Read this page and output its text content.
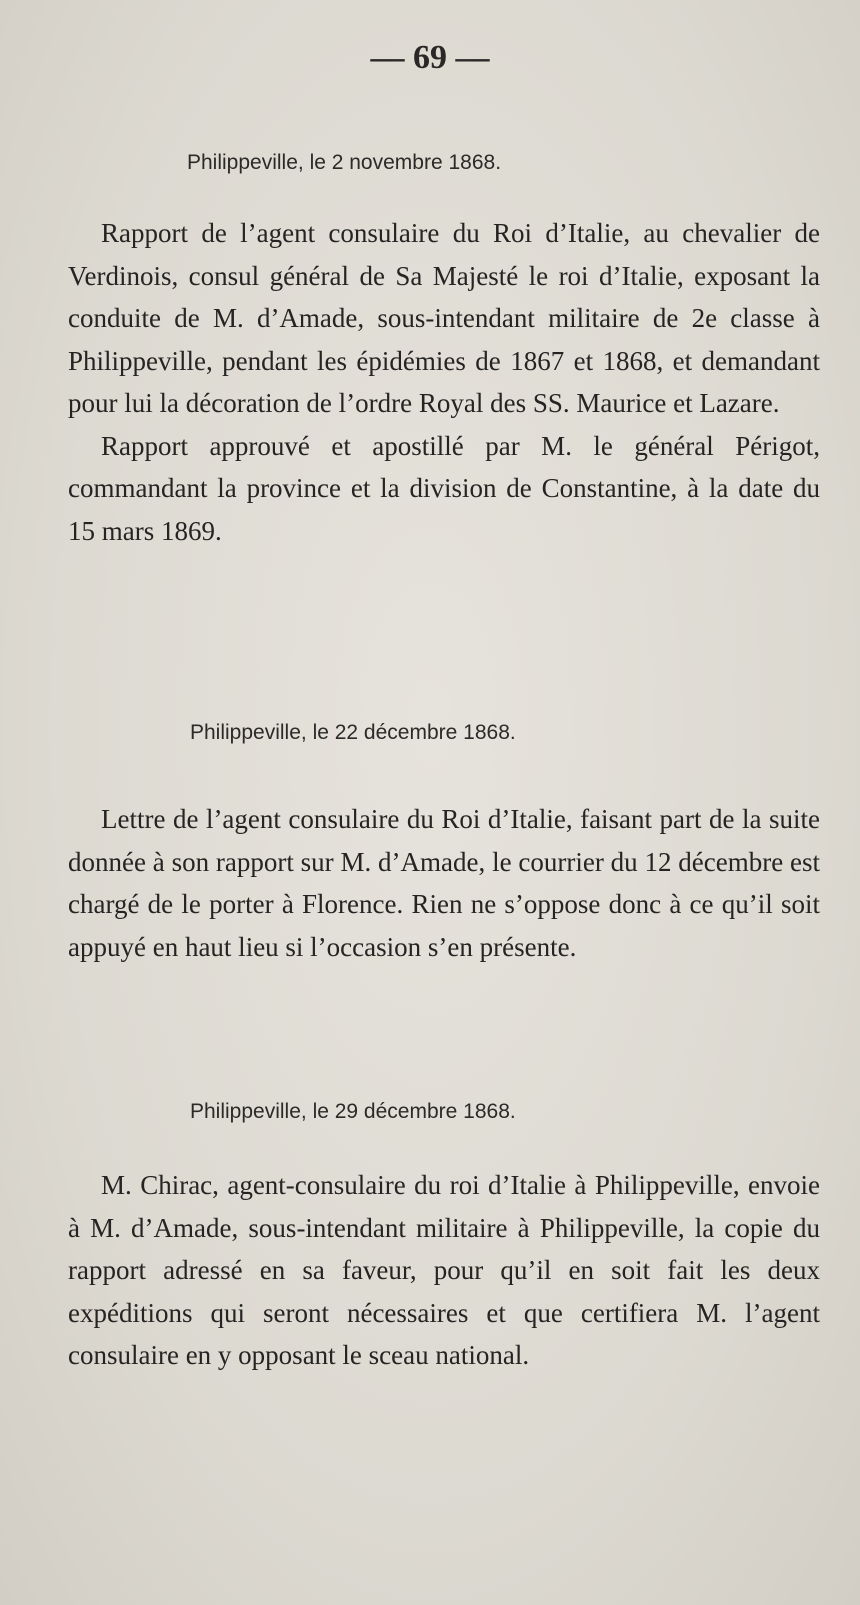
— 69 —
Philippeville, le 2 novembre 1868.

Rapport de l’agent consulaire du Roi d’Italie, au chevalier de Verdinois, consul général de Sa Majesté le roi d’Italie, exposant la conduite de M. d’Amade, sous-intendant militaire de 2e classe à Philippeville, pendant les épidémies de 1867 et 1868, et demandant pour lui la décoration de l’ordre Royal des SS. Maurice et Lazare.

Rapport approuvé et apostillé par M. le général Périgot, commandant la province et la division de Constantine, à la date du 15 mars 1869.

Philippeville, le 22 décembre 1868.

Lettre de l’agent consulaire du Roi d’Italie, faisant part de la suite donnée à son rapport sur M. d’Amade, le courrier du 12 décembre est chargé de le porter à Florence. Rien ne s’oppose donc à ce qu’il soit appuyé en haut lieu si l’occasion s’en présente.

Philippeville, le 29 décembre 1868.

M. Chirac, agent-consulaire du roi d’Italie à Philippeville, envoie à M. d’Amade, sous-intendant militaire à Philippeville, la copie du rapport adressé en sa faveur, pour qu’il en soit fait les deux expéditions qui seront nécessaires et que certifiera M. l’agent consulaire en y opposant le sceau national.
